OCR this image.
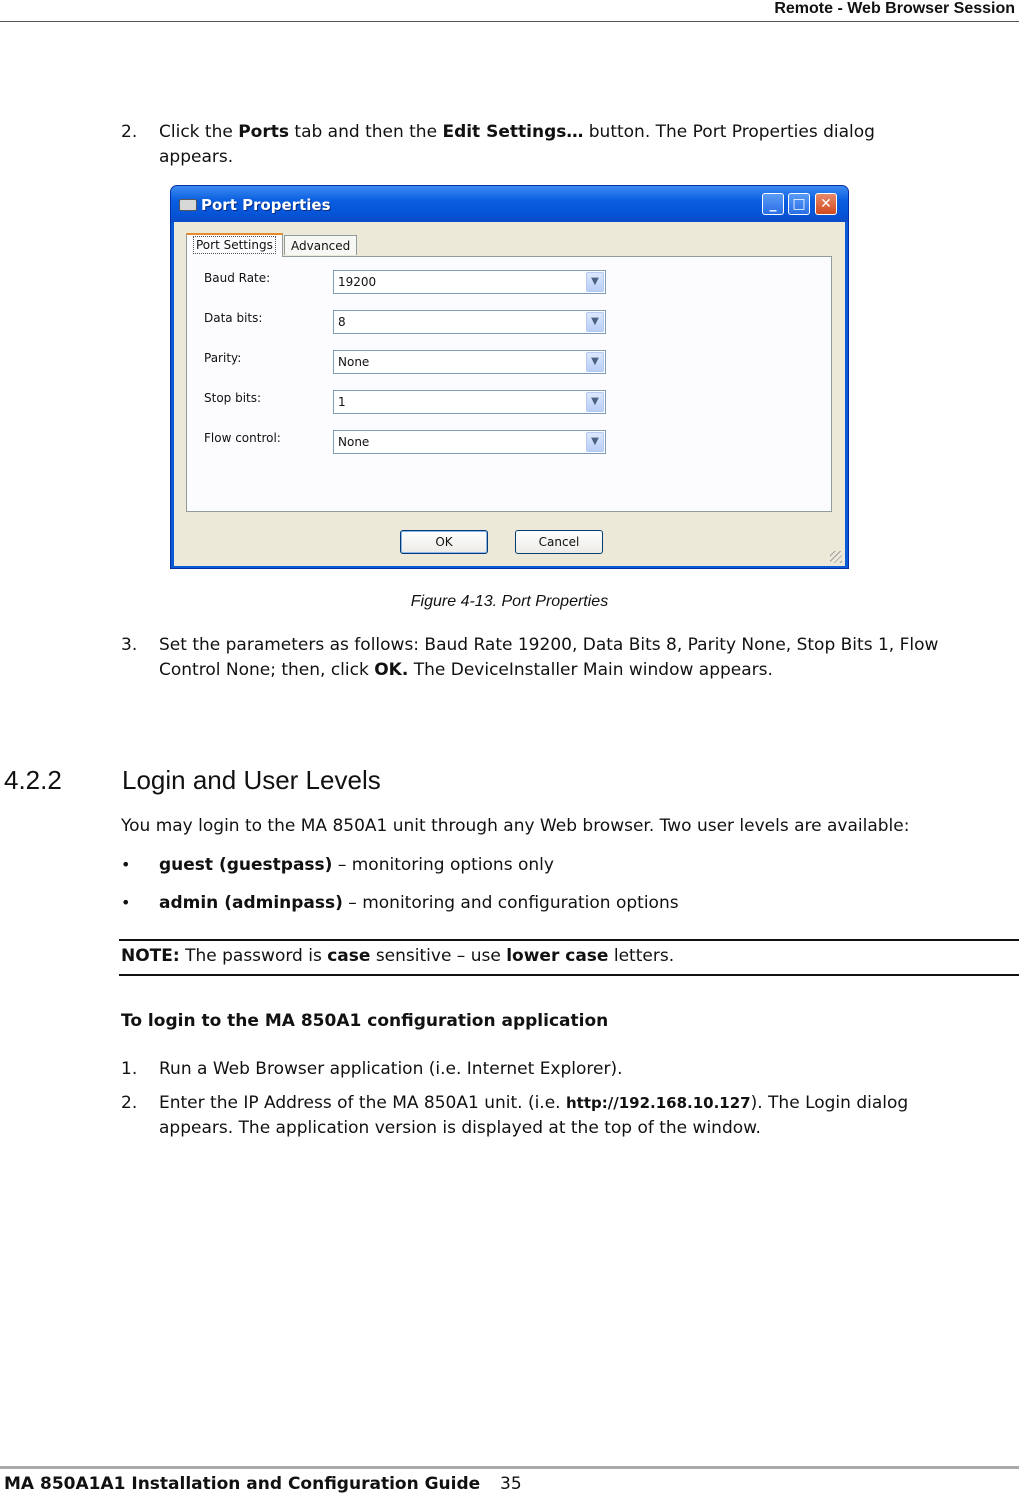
Remote - Web Browser Session
2. Click the Ports tab and then the Edit Settings… button. The Port Properties dialog
appears.
Port Properties	_	□	✕
Port Settings	Advanced
Baud Rate:	19200	▼
Data bits:	8	▼
Parity:	None	▼
Stop bits:	1	▼
Flow control:	None	▼
OK	Cancel
Figure 4-13. Port Properties
3. Set the parameters as follows: Baud Rate 19200, Data Bits 8, Parity None, Stop Bits 1, Flow
Control None; then, click OK. The DeviceInstaller Main window appears.
4.2.2 Login and User Levels
You may login to the MA 850A1 unit through any Web browser. Two user levels are available:
• guest (guestpass) – monitoring options only
• admin (adminpass) – monitoring and configuration options
NOTE: The password is case sensitive – use lower case letters.
To login to the MA 850A1 configuration application
1. Run a Web Browser application (i.e. Internet Explorer).
2. Enter the IP Address of the MA 850A1 unit. (i.e. http://192.168.10.127). The Login dialog
appears. The application version is displayed at the top of the window.
MA 850A1A1 Installation and Configuration Guide 35
